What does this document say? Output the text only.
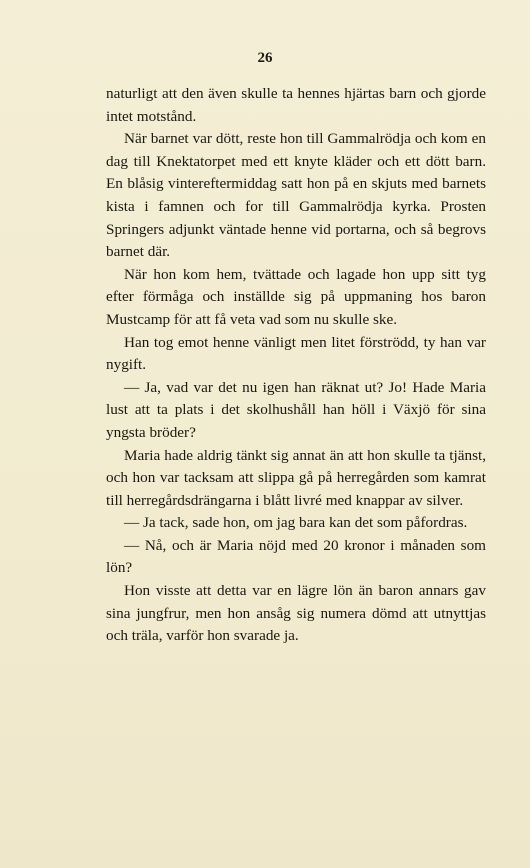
26

naturligt att den även skulle ta hennes hjärtas barn och gjorde intet motstånd.

När barnet var dött, reste hon till Gammalrödja och kom en dag till Knektatorpet med ett knyte kläder och ett dött barn. En blåsig vintereftermiddag satt hon på en skjuts med barnets kista i famnen och for till Gammalrödja kyrka. Prosten Springers adjunkt väntade henne vid portarna, och så begrovs barnet där.

När hon kom hem, tvättade och lagade hon upp sitt tyg efter förmåga och inställde sig på uppmaning hos baron Mustcamp för att få veta vad som nu skulle ske.

Han tog emot henne vänligt men litet förströdd, ty han var nygift.

— Ja, vad var det nu igen han räknat ut? Jo! Hade Maria lust att ta plats i det skolhushåll han höll i Växjö för sina yngsta bröder?

Maria hade aldrig tänkt sig annat än att hon skulle ta tjänst, och hon var tacksam att slippa gå på herregården som kamrat till herregårdsdrängarna i blått livré med knappar av silver.

— Ja tack, sade hon, om jag bara kan det som påfordras.

— Nå, och är Maria nöjd med 20 kronor i månaden som lön?

Hon visste att detta var en lägre lön än baron annars gav sina jungfrur, men hon ansåg sig numera dömd att utnyttjas och träla, varför hon svarade ja.
